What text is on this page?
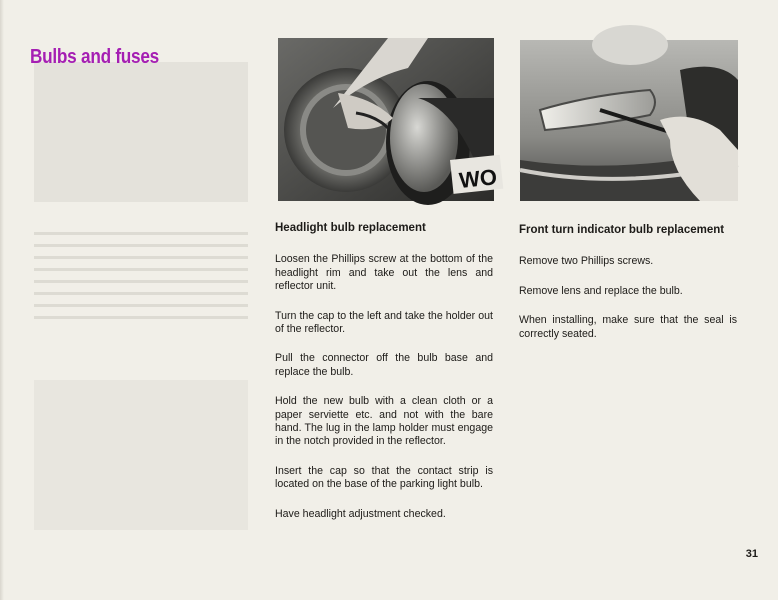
Bulbs and fuses
WO
Headlight bulb replacement

Loosen the Phillips screw at the bottom of the headlight rim and take out the lens and reflector unit.

Turn the cap to the left and take the holder out of the reflector.

Pull the connector off the bulb base and replace the bulb.

Hold the new bulb with a clean cloth or a paper serviette etc. and not with the bare hand. The lug in the lamp holder must engage in the notch provided in the reflector.

Insert the cap so that the contact strip is located on the base of the parking light bulb.

Have headlight adjustment checked.

Front turn indicator bulb replacement

Remove two Phillips screws.

Remove lens and replace the bulb.

When installing, make sure that the seal is correctly seated.

31
